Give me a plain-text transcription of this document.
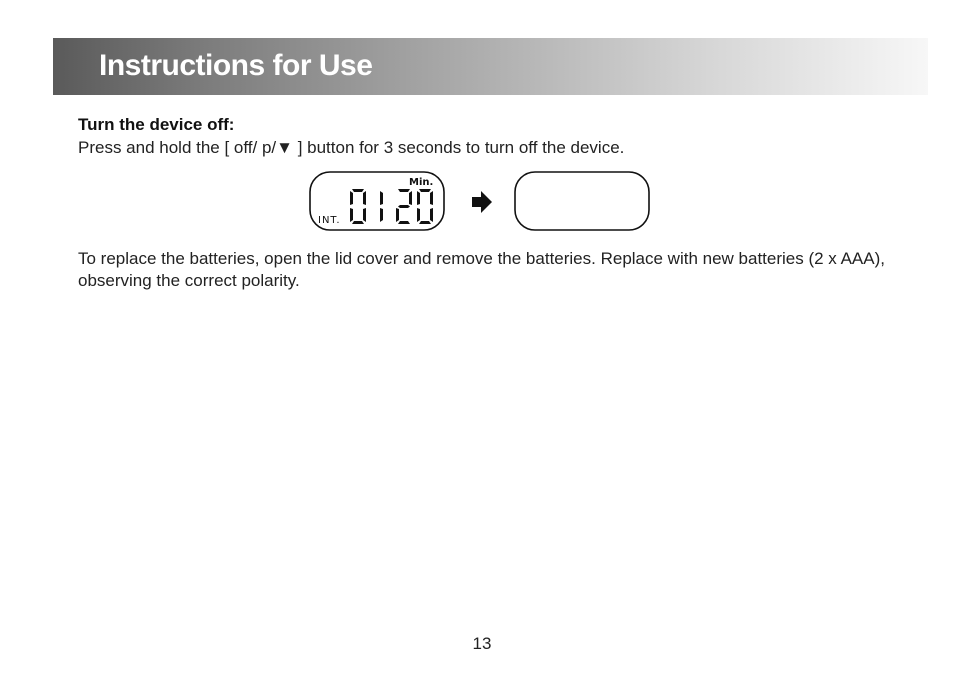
Instructions for Use
Turn the device off:
Press and hold the [ off/ p/▼ ] button for 3 seconds to turn off the device.
Min.
INT.
To replace the batteries, open the lid cover and remove the batteries. Replace with new batteries (2 x AAA), observing the correct polarity.
13
